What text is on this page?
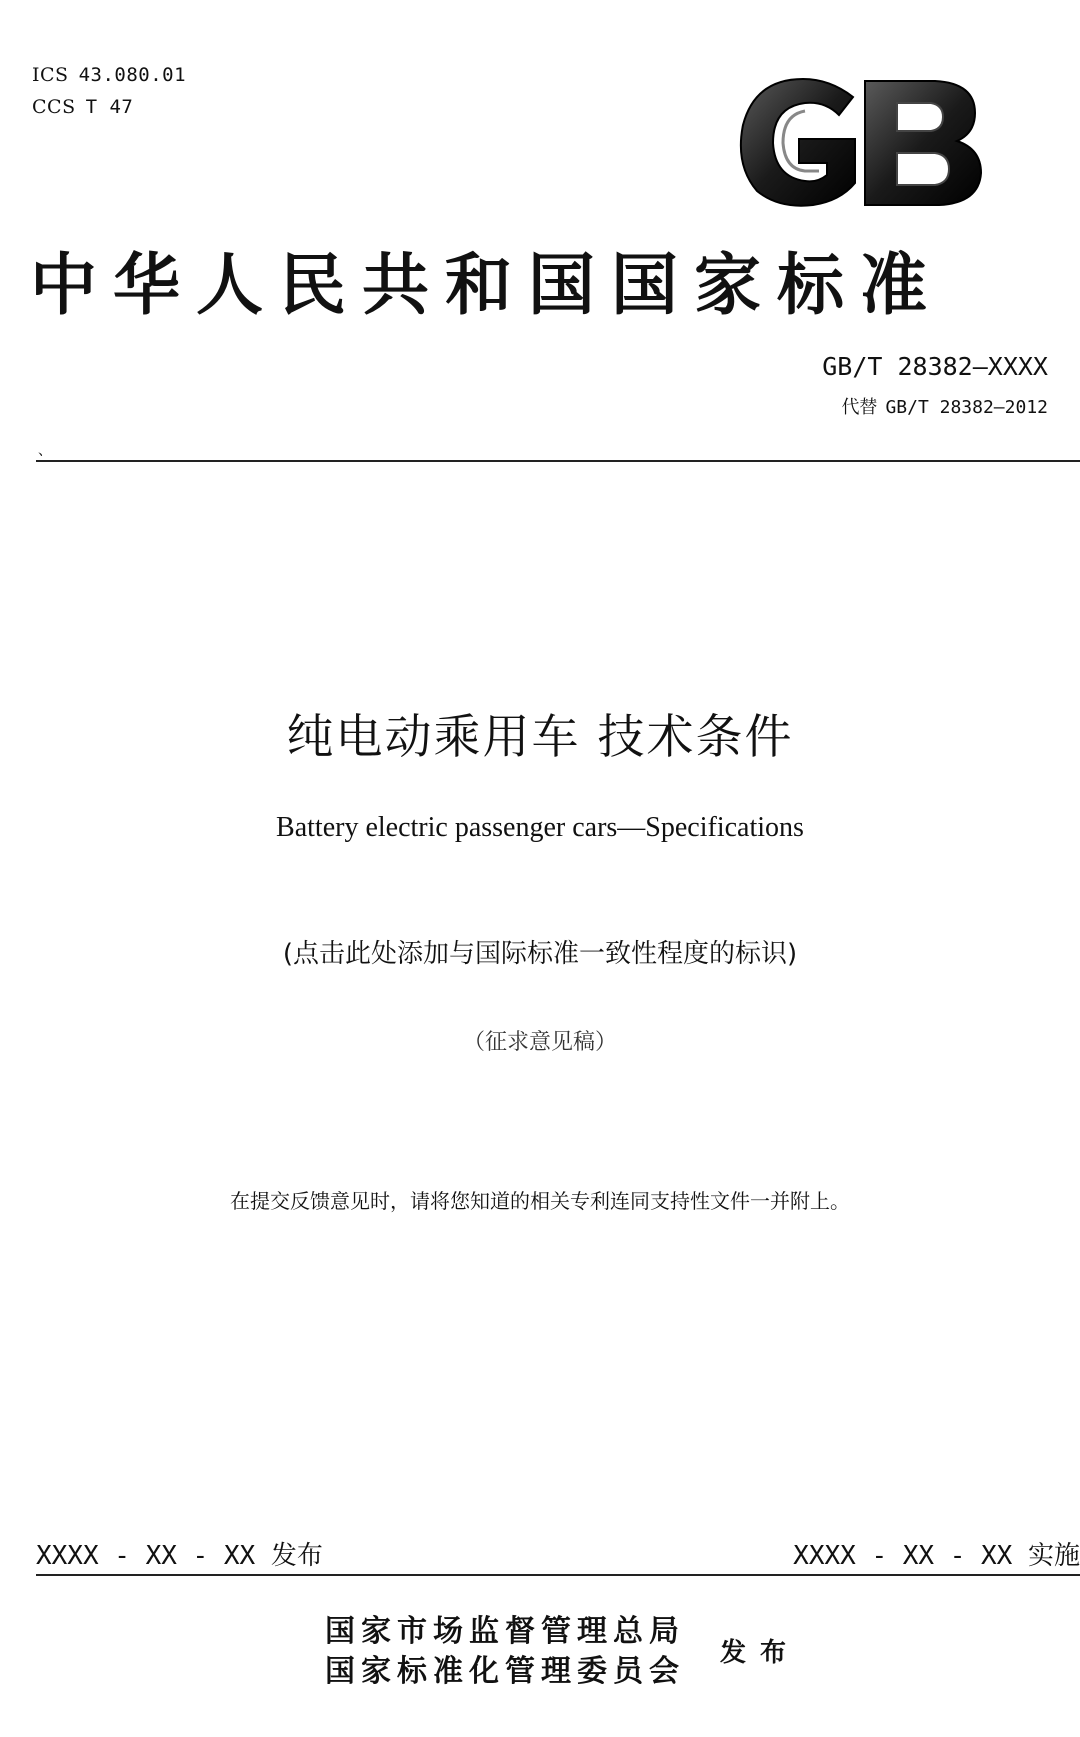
ICS 43.080.01
CCS T 47
中华人民共和国国家标准
GB/T 28382—XXXX
代替 GB/T 28382—2012
、
纯电动乘用车 技术条件
Battery electric passenger cars—Specifications
(点击此处添加与国际标准一致性程度的标识)
（征求意见稿）
在提交反馈意见时，请将您知道的相关专利连同支持性文件一并附上。
XXXX - XX - XX 发布	XXXX - XX - XX 实施
国家市场监督管理总局
国家标准化管理委员会
发布
